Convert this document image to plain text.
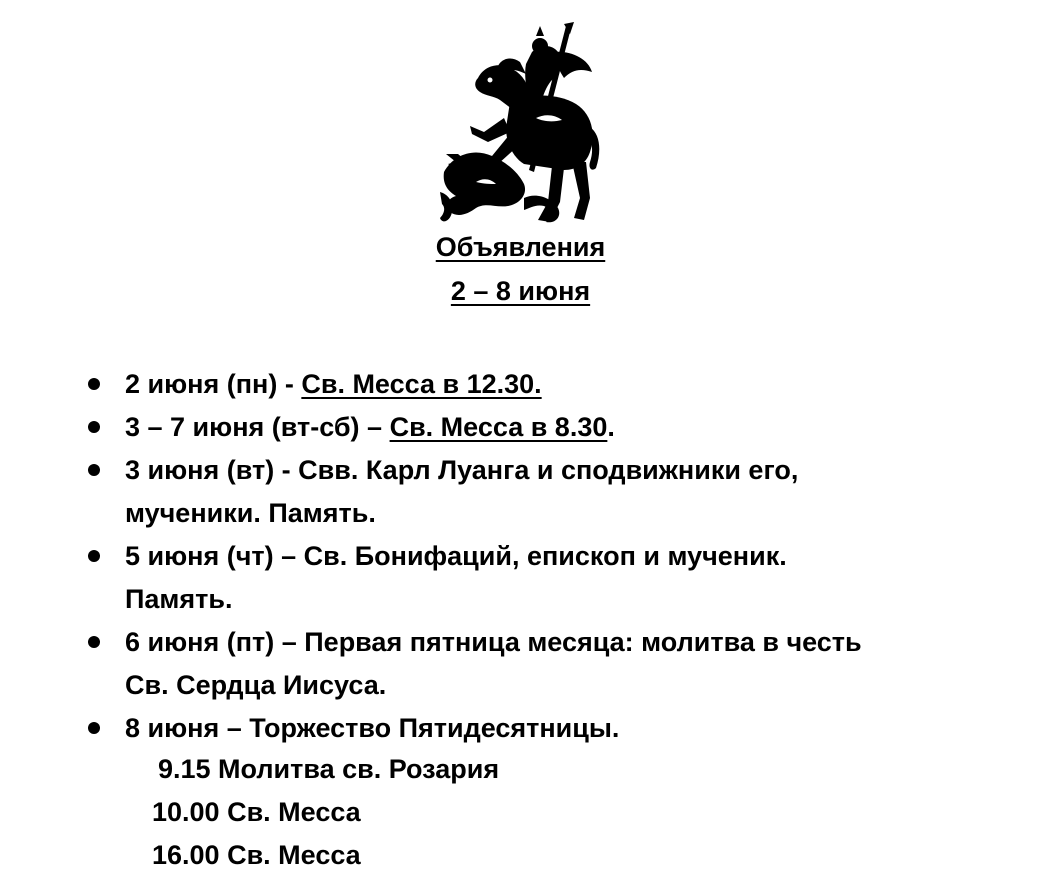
Объявления
2 – 8 июня
2 июня (пн) - Св. Месса в 12.30.
3 – 7 июня (вт-сб) – Св. Месса в 8.30.
3 июня (вт) - Свв. Карл Луанга и сподвижники его,
мученики. Память.
5 июня (чт) – Св. Бонифаций, епископ и мученик.
Память.
6 июня (пт) – Первая пятница месяца: молитва в честь
Св. Сердца Иисуса.
8 июня – Торжество Пятидесятницы.
9.15 Молитва св. Розария
10.00 Св. Месса
16.00 Св. Месса
